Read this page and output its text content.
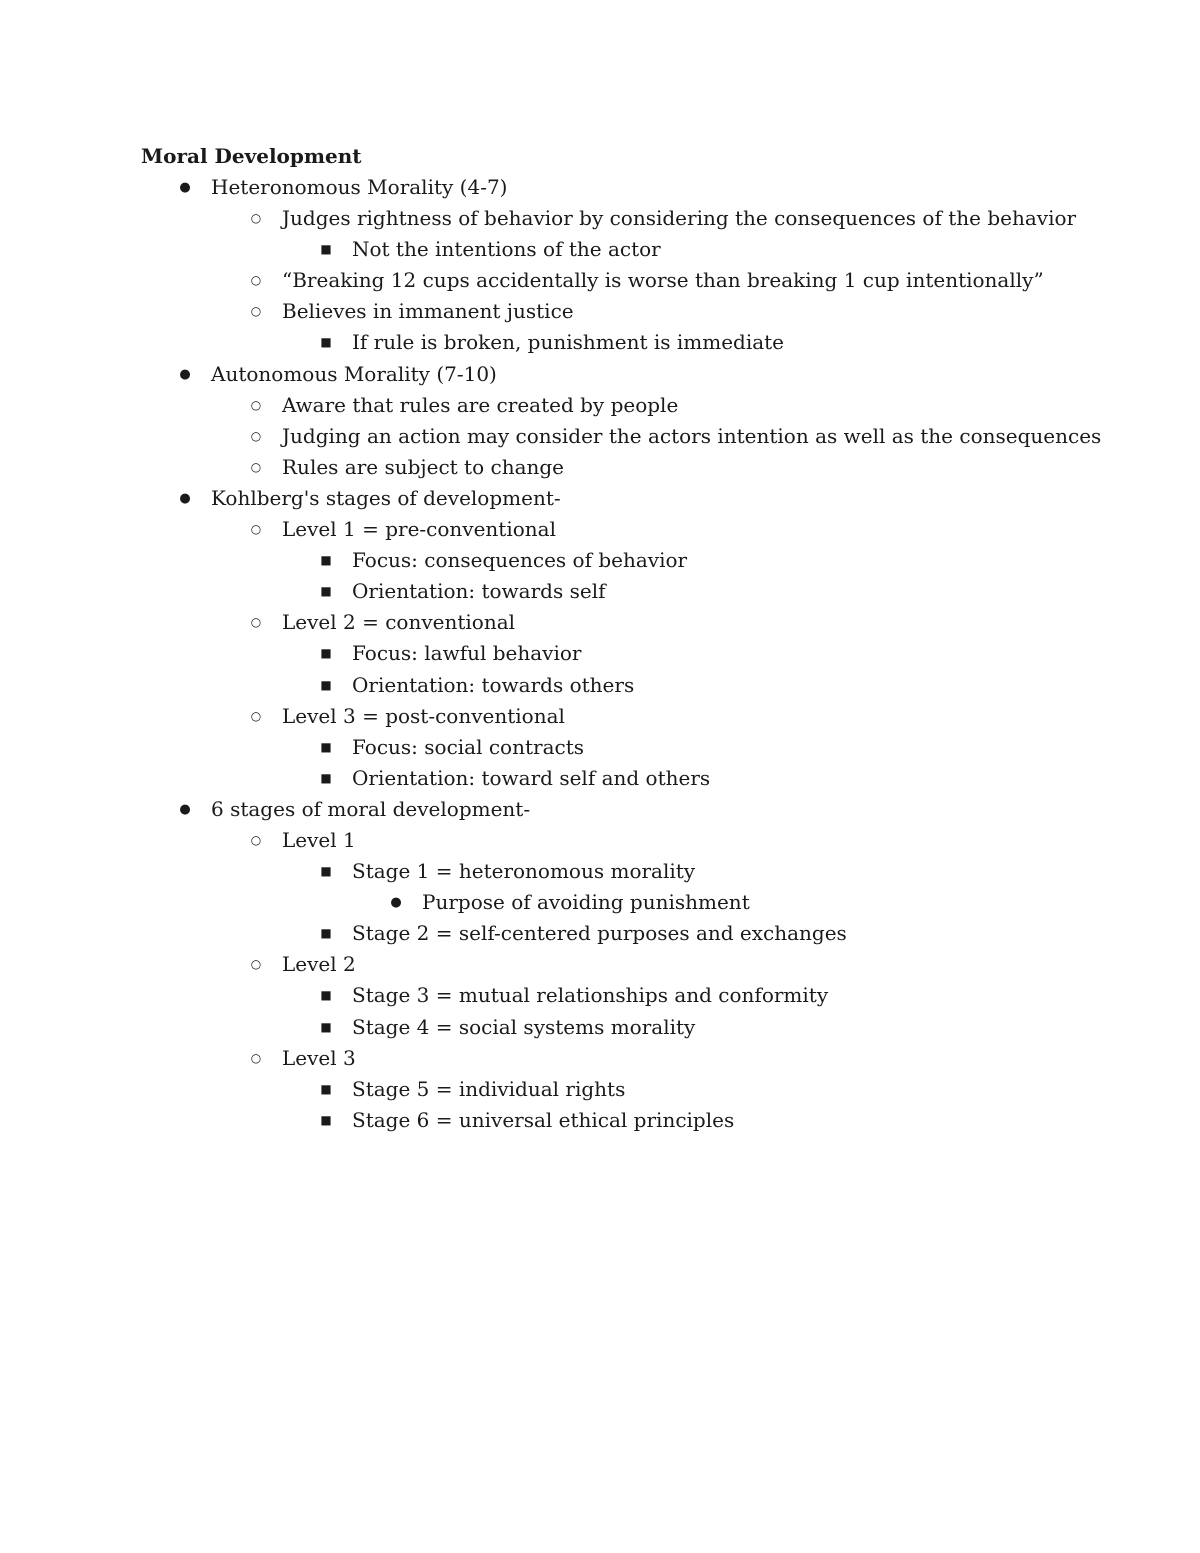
Moral Development
● Heteronomous Morality (4-7)
○ Judges rightness of behavior by considering the consequences of the behavior
■ Not the intentions of the actor
○ “Breaking 12 cups accidentally is worse than breaking 1 cup intentionally”
○ Believes in immanent justice
■ If rule is broken, punishment is immediate
● Autonomous Morality (7-10)
○ Aware that rules are created by people
○ Judging an action may consider the actors intention as well as the consequences
○ Rules are subject to change
● Kohlberg's stages of development-
○ Level 1 = pre-conventional
■ Focus: consequences of behavior
■ Orientation: towards self
○ Level 2 = conventional
■ Focus: lawful behavior
■ Orientation: towards others
○ Level 3 = post-conventional
■ Focus: social contracts
■ Orientation: toward self and others
● 6 stages of moral development-
○ Level 1
■ Stage 1 = heteronomous morality
● Purpose of avoiding punishment
■ Stage 2 = self-centered purposes and exchanges
○ Level 2
■ Stage 3 = mutual relationships and conformity
■ Stage 4 = social systems morality
○ Level 3
■ Stage 5 = individual rights
■ Stage 6 = universal ethical principles
